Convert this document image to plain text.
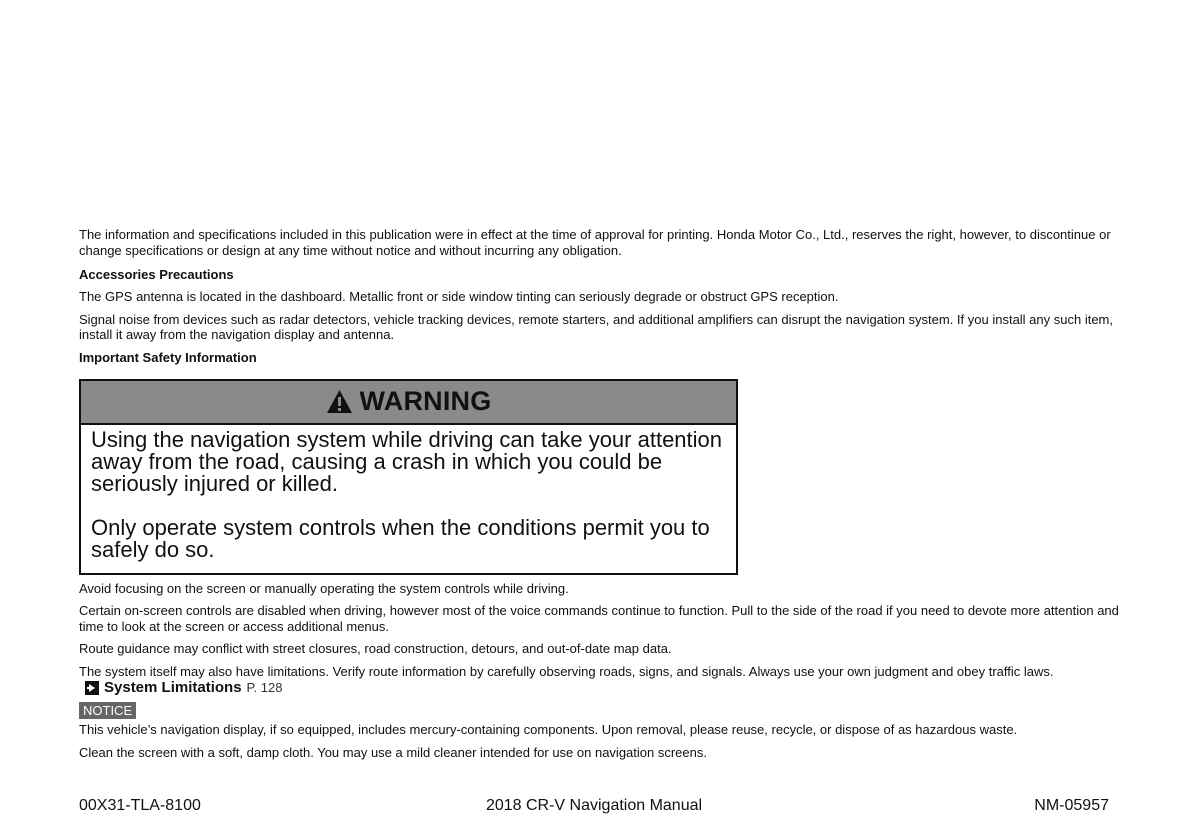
The information and specifications included in this publication were in effect at the time of approval for printing. Honda Motor Co., Ltd., reserves the right, however, to discontinue or change specifications or design at any time without notice and without incurring any obligation.

Accessories Precautions

The GPS antenna is located in the dashboard. Metallic front or side window tinting can seriously degrade or obstruct GPS reception.

Signal noise from devices such as radar detectors, vehicle tracking devices, remote starters, and additional amplifiers can disrupt the navigation system. If you install any such item, install it away from the navigation display and antenna.

Important Safety Information

WARNING

Using the navigation system while driving can take your attention away from the road, causing a crash in which you could be seriously injured or killed.

Only operate system controls when the conditions permit you to safely do so.

Avoid focusing on the screen or manually operating the system controls while driving.

Certain on-screen controls are disabled when driving, however most of the voice commands continue to function. Pull to the side of the road if you need to devote more attention and time to look at the screen or access additional menus.

Route guidance may conflict with street closures, road construction, detours, and out-of-date map data.

The system itself may also have limitations. Verify route information by carefully observing roads, signs, and signals. Always use your own judgment and obey traffic laws.

System Limitations P. 128
NOTICE

This vehicle’s navigation display, if so equipped, includes mercury-containing components. Upon removal, please reuse, recycle, or dispose of as hazardous waste.

Clean the screen with a soft, damp cloth. You may use a mild cleaner intended for use on navigation screens.

00X31-TLA-8100	2018 CR-V Navigation Manual	NM-05957
